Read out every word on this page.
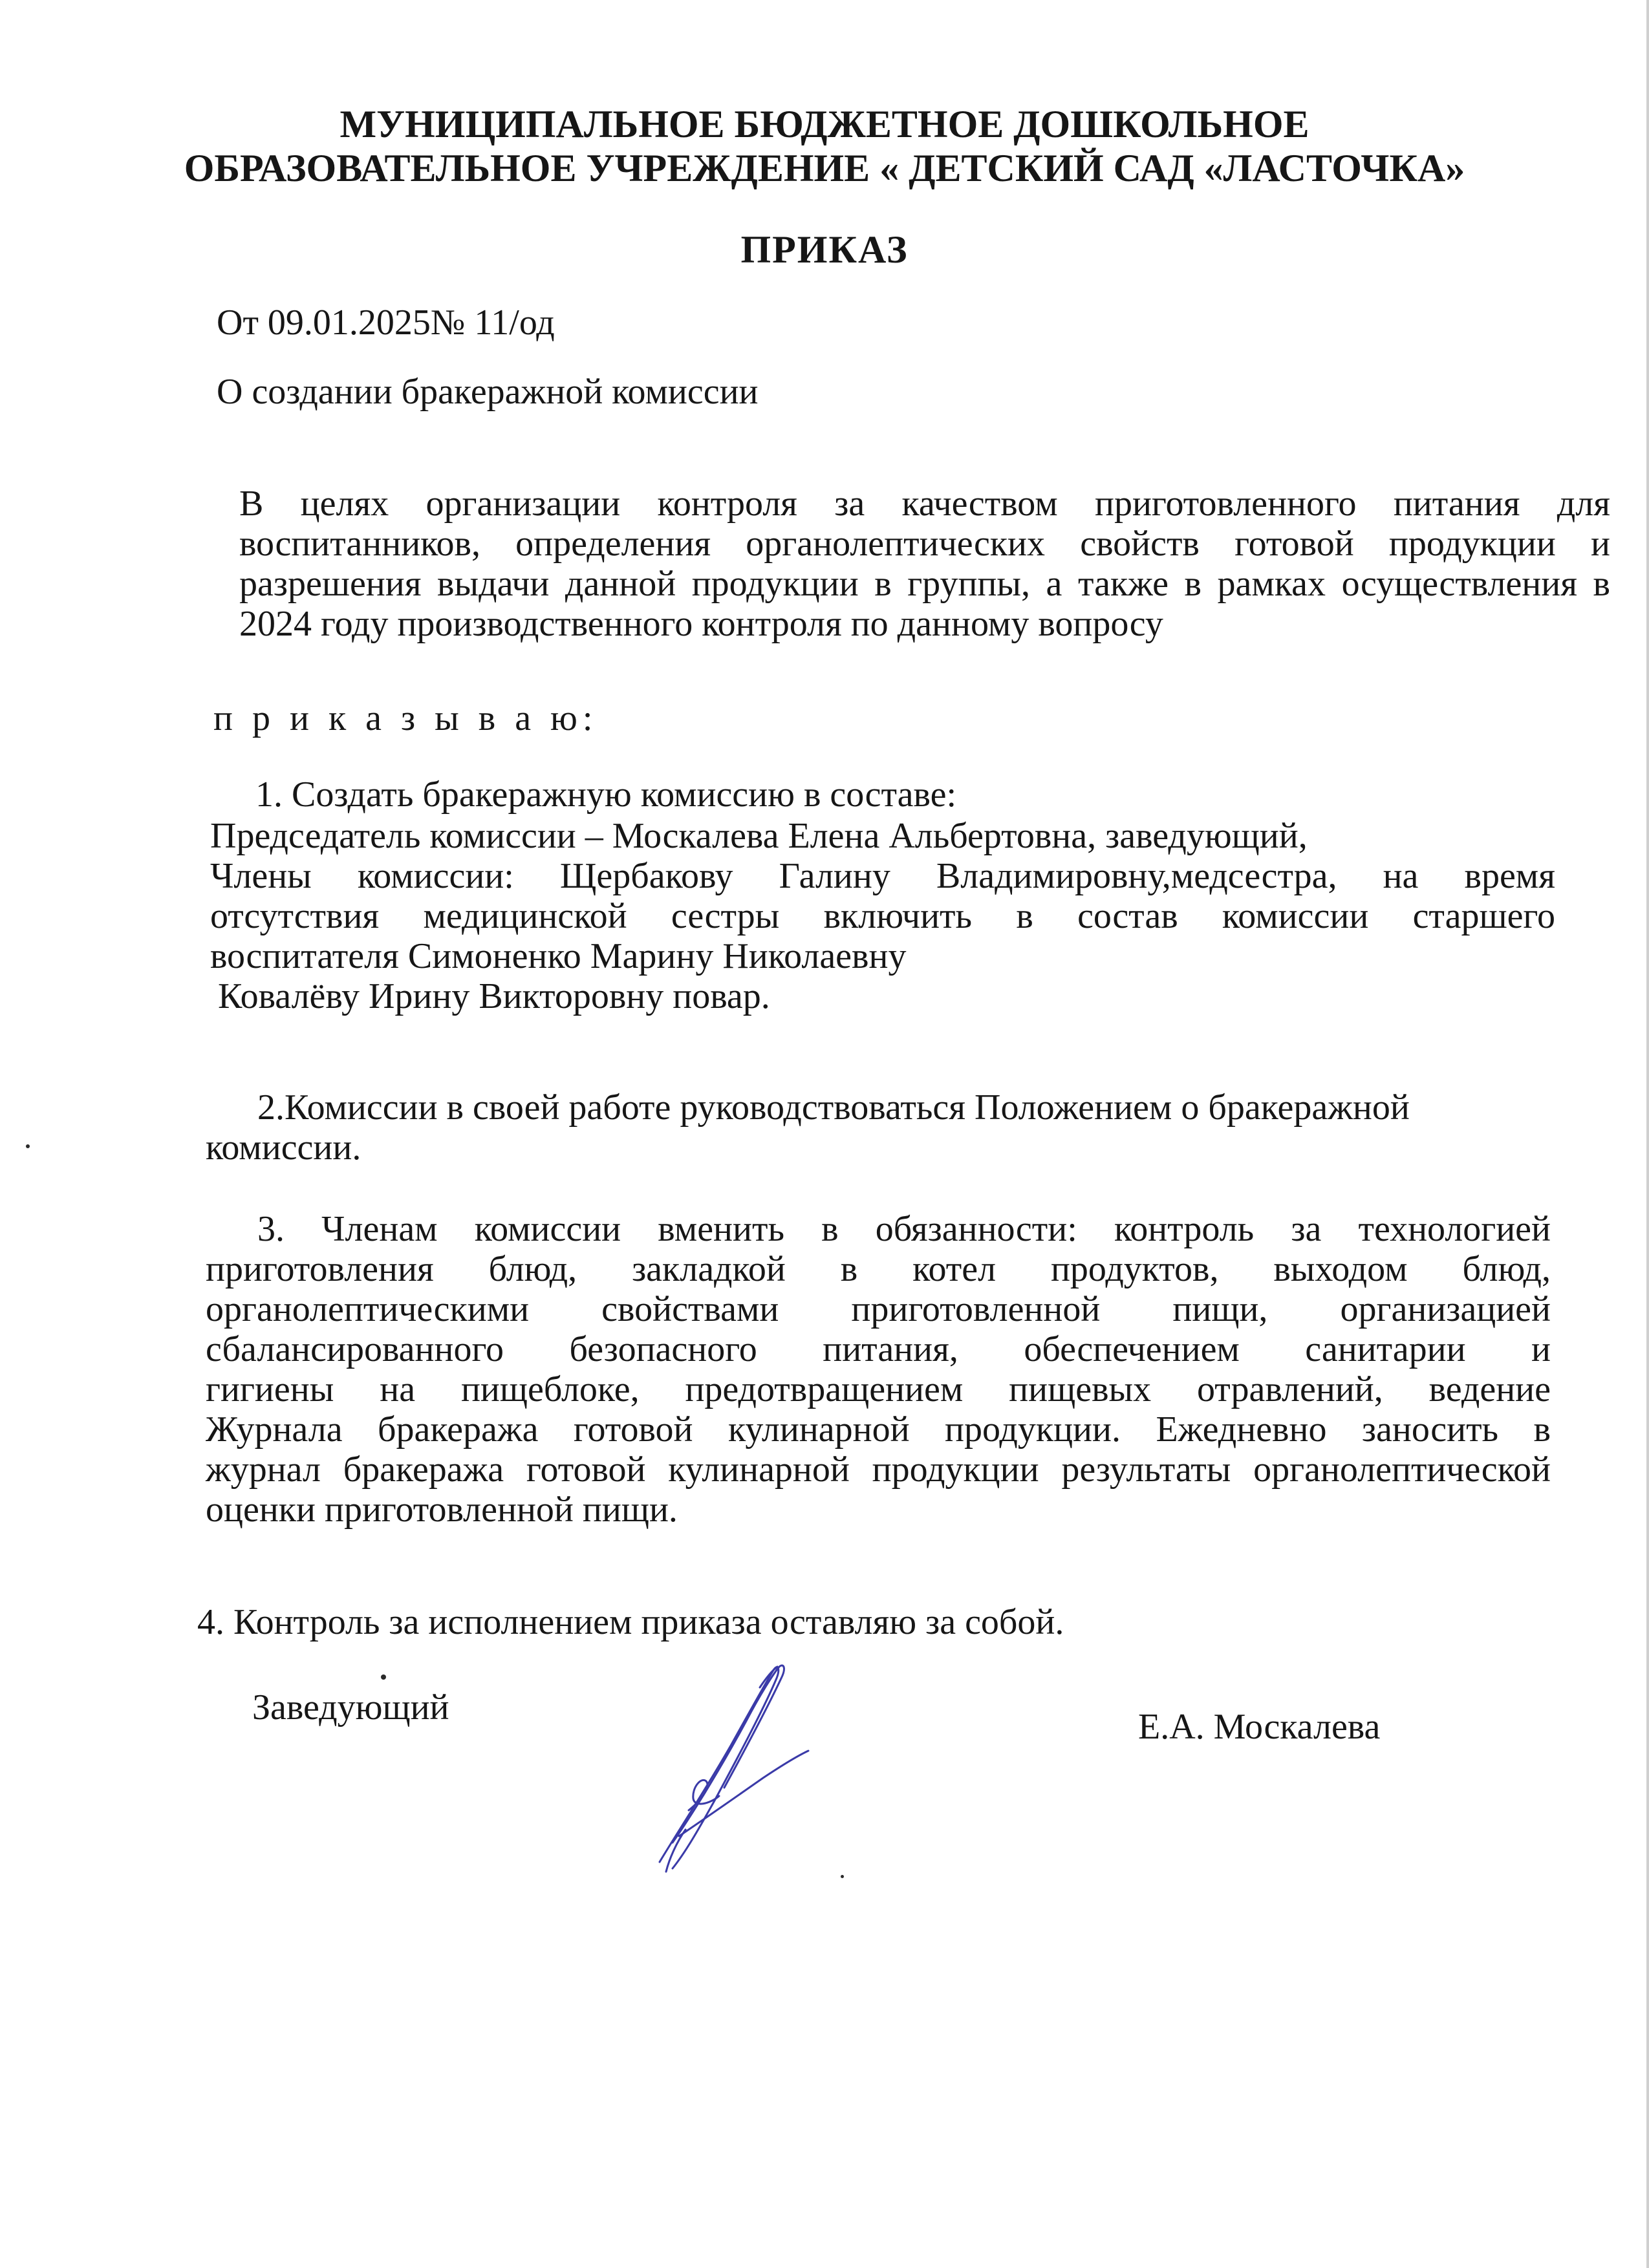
МУНИЦИПАЛЬНОЕ БЮДЖЕТНОЕ ДОШКОЛЬНОЕ
ОБРАЗОВАТЕЛЬНОЕ УЧРЕЖДЕНИЕ « ДЕТСКИЙ САД «ЛАСТОЧКА»
ПРИКАЗ
От 09.01.2025№ 11/од
О создании бракеражной комиссии
В целях организации контроля за качеством приготовленного питания для
воспитанников, определения органолептических свойств готовой продукции и
разрешения выдачи данной продукции в группы, а также в рамках осуществления в
2024 году производственного контроля по данному вопросу
п р и к а з ы в а ю:
1. Создать бракеражную комиссию в составе:
Председатель комиссии – Москалева Елена Альбертовна, заведующий,
Члены комиссии: Щербакову Галину Владимировну,медсестра, на время
отсутствия медицинской сестры включить в состав комиссии старшего
воспитателя Симоненко Марину Николаевну
Ковалёву Ирину Викторовну повар.
2.Комиссии в своей работе руководствоваться Положением о бракеражной
комиссии.
3. Членам комиссии вменить в обязанности: контроль за технологией
приготовления блюд, закладкой в котел продуктов, выходом блюд,
органолептическими свойствами приготовленной пищи, организацией
сбалансированного безопасного питания, обеспечением санитарии и
гигиены на пищеблоке, предотвращением пищевых отравлений, ведение
Журнала бракеража готовой кулинарной продукции. Ежедневно заносить в
журнал бракеража готовой кулинарной продукции результаты органолептической
оценки приготовленной пищи.
4. Контроль за исполнением приказа оставляю за собой.
Заведующий	Е.А. Москалева
